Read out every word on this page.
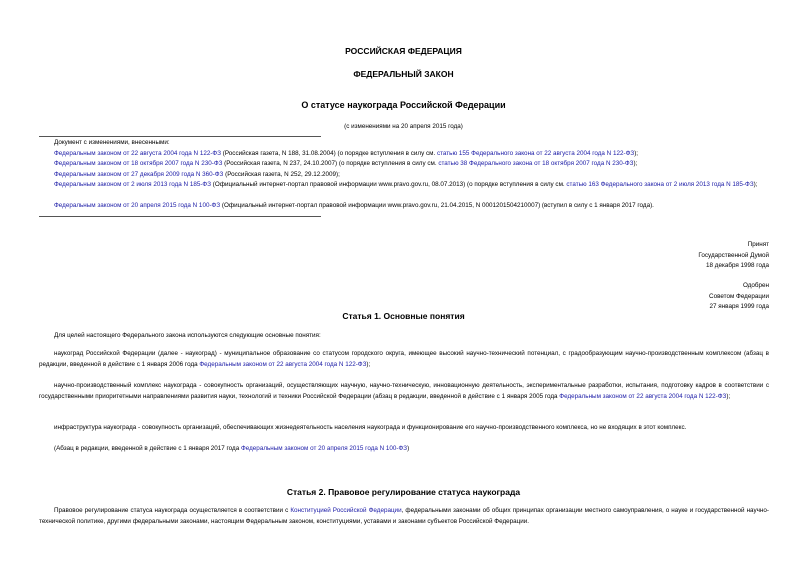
РОССИЙСКАЯ ФЕДЕРАЦИЯ
ФЕДЕРАЛЬНЫЙ ЗАКОН
О статусе наукограда Российской Федерации
(с изменениями на 20 апреля 2015 года)
Документ с изменениями, внесенными:
Федеральным законом от 22 августа 2004 года N 122-ФЗ (Российская газета, N 188, 31.08.2004) (о порядке вступления в силу см. статью 155 Федерального закона от 22 августа 2004 года N 122-ФЗ);
Федеральным законом от 18 октября 2007 года N 230-ФЗ (Российская газета, N 237, 24.10.2007) (о порядке вступления в силу см. статью 38 Федерального закона от 18 октября 2007 года N 230-ФЗ);
Федеральным законом от 27 декабря 2009 года N 360-ФЗ (Российская газета, N 252, 29.12.2009);
Федеральным законом от 2 июля 2013 года N 185-ФЗ (Официальный интернет-портал правовой информации www.pravo.gov.ru, 08.07.2013) (о порядке вступления в силу см. статью 163 Федерального закона от 2 июля 2013 года N 185-ФЗ);
Федеральным законом от 20 апреля 2015 года N 100-ФЗ (Официальный интернет-портал правовой информации www.pravo.gov.ru, 21.04.2015, N 0001201504210007) (вступил в силу с 1 января 2017 года).
Принят
Государственной Думой
18 декабря 1998 года
Одобрен
Советом Федерации
27 января 1999 года
Статья 1. Основные понятия
Для целей настоящего Федерального закона используются следующие основные понятия:
наукоград Российской Федерации (далее - наукоград) - муниципальное образование со статусом городского округа, имеющее высокий научно-технический потенциал, с градообразующим научно-производственным комплексом (абзац в редакции, введенной в действие с 1 января 2006 года Федеральным законом от 22 августа 2004 года N 122-ФЗ);
научно-производственный комплекс наукограда - совокупность организаций, осуществляющих научную, научно-техническую, инновационную деятельность, экспериментальные разработки, испытания, подготовку кадров в соответствии с государственными приоритетными направлениями развития науки, технологий и техники Российской Федерации (абзац в редакции, введенной в действие с 1 января 2005 года Федеральным законом от 22 августа 2004 года N 122-ФЗ);
инфраструктура наукограда - совокупность организаций, обеспечивающих жизнедеятельность населения наукограда и функционирование его научно-производственного комплекса, но не входящих в этот комплекс.
(Абзац в редакции, введенной в действие с 1 января 2017 года Федеральным законом от 20 апреля 2015 года N 100-ФЗ)
Статья 2. Правовое регулирование статуса наукограда
Правовое регулирование статуса наукограда осуществляется в соответствии с Конституцией Российской Федерации, федеральными законами об общих принципах организации местного самоуправления, о науке и государственной научно-технической политике, другими федеральными законами, настоящим Федеральным законом, конституциями, уставами и законами субъектов Российской Федерации.
